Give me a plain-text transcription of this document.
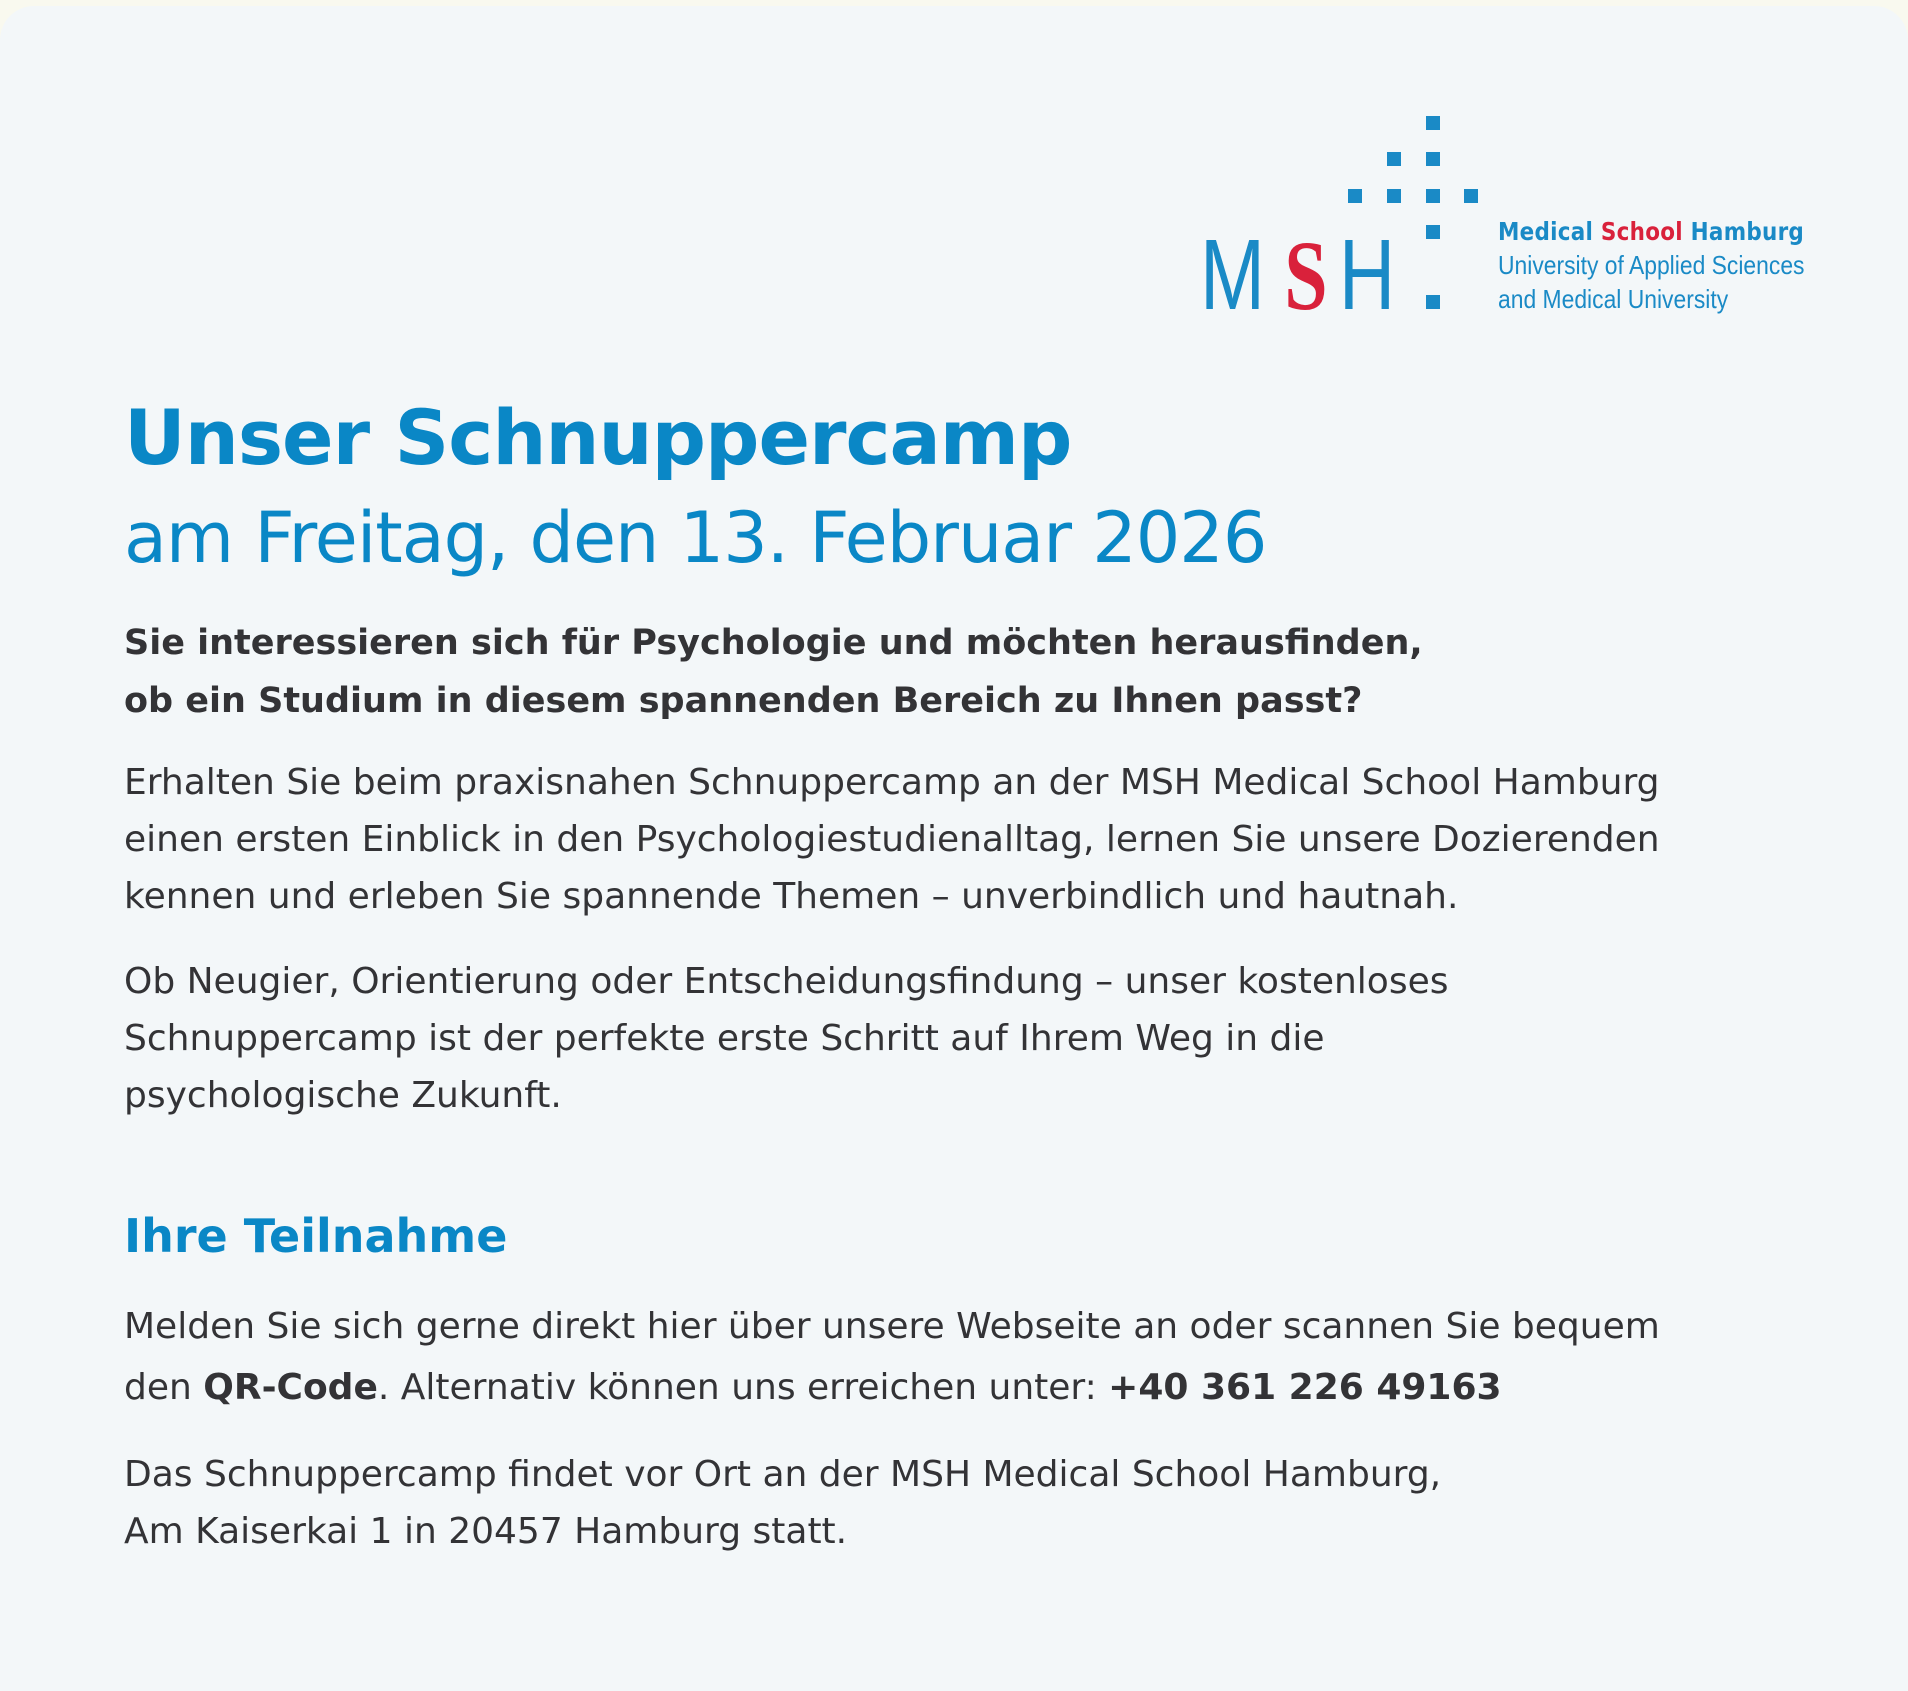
M S H	Medical School Hamburg
University of Applied Sciences
and Medical University
Unser Schnuppercamp
am Freitag, den 13. Februar 2026

Sie interessieren sich für Psychologie und möchten herausfinden,
ob ein Studium in diesem spannenden Bereich zu Ihnen passt?

Erhalten Sie beim praxisnahen Schnuppercamp an der MSH Medical School Hamburg einen ersten Einblick in den Psychologiestudienalltag, lernen Sie unsere Dozierenden kennen und erleben Sie spannende Themen – unverbindlich und hautnah.

Ob Neugier, Orientierung oder Entscheidungsfindung – unser kostenloses Schnuppercamp ist der perfekte erste Schritt auf Ihrem Weg in die psychologische Zukunft.

Ihre Teilnahme

Melden Sie sich gerne direkt hier über unsere Webseite an oder scannen Sie bequem den QR-Code. Alternativ können uns erreichen unter: +40 361 226 49163

Das Schnuppercamp findet vor Ort an der MSH Medical School Hamburg,
Am Kaiserkai 1 in 20457 Hamburg statt.
